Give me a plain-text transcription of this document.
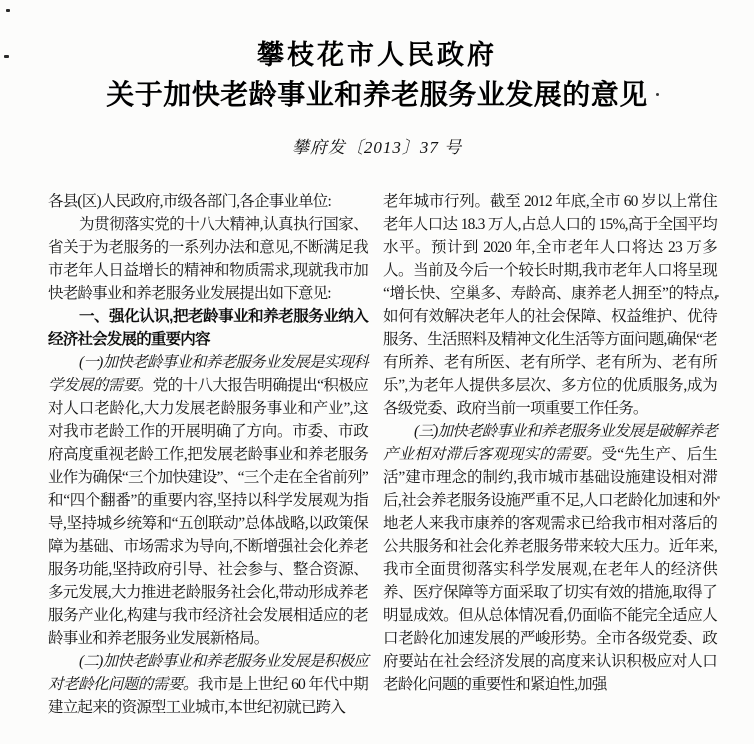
攀枝花市人民政府
关于加快老龄事业和养老服务业发展的意见
攀府发〔2013〕37 号

各县(区)人民政府,市级各部门,各企事业单位:

为贯彻落实党的十八大精神,认真执行国家、省关于为老服务的一系列办法和意见,不断满足我市老年人日益增长的精神和物质需求,现就我市加快老龄事业和养老服务业发展提出如下意见:

一、强化认识,把老龄事业和养老服务业纳入经济社会发展的重要内容

(一)加快老龄事业和养老服务业发展是实现科学发展的需要。党的十八大报告明确提出“积极应对人口老龄化,大力发展老龄服务事业和产业”,这对我市老龄工作的开展明确了方向。市委、市政府高度重视老龄工作,把发展老龄事业和养老服务业作为确保“三个加快建设”、“三个走在全省前列”和“四个翻番”的重要内容,坚持以科学发展观为指导,坚持城乡统筹和“五创联动”总体战略,以政策保障为基础、市场需求为导向,不断增强社会化养老服务功能,坚持政府引导、社会参与、整合资源、多元发展,大力推进老龄服务社会化,带动形成养老服务产业化,构建与我市经济社会发展相适应的老龄事业和养老服务业发展新格局。

(二)加快老龄事业和养老服务业发展是积极应对老龄化问题的需要。我市是上世纪 60 年代中期建立起来的资源型工业城市,本世纪初就已跨入

老年城市行列。截至 2012 年底,全市 60 岁以上常住老年人口达 18.3 万人,占总人口的 15%,高于全国平均水平。预计到 2020 年,全市老年人口将达 23 万多人。当前及今后一个较长时期,我市老年人口将呈现“增长快、空巢多、寿龄高、康养老人拥至”的特点,如何有效解决老年人的社会保障、权益维护、优待服务、生活照料及精神文化生活等方面问题,确保“老有所养、老有所医、老有所学、老有所为、老有所乐”,为老年人提供多层次、多方位的优质服务,成为各级党委、政府当前一项重要工作任务。

(三)加快老龄事业和养老服务业发展是破解养老产业相对滞后客观现实的需要。受“先生产、后生活”建市理念的制约,我市城市基础设施建设相对滞后,社会养老服务设施严重不足,人口老龄化加速和外地老人来我市康养的客观需求已给我市相对落后的公共服务和社会化养老服务带来较大压力。近年来,我市全面贯彻落实科学发展观,在老年人的经济供养、医疗保障等方面采取了切实有效的措施,取得了明显成效。但从总体情况看,仍面临不能完全适应人口老龄化加速发展的严峻形势。全市各级党委、政府要站在社会经济发展的高度来认识积极应对人口老龄化问题的重要性和紧迫性,加强
